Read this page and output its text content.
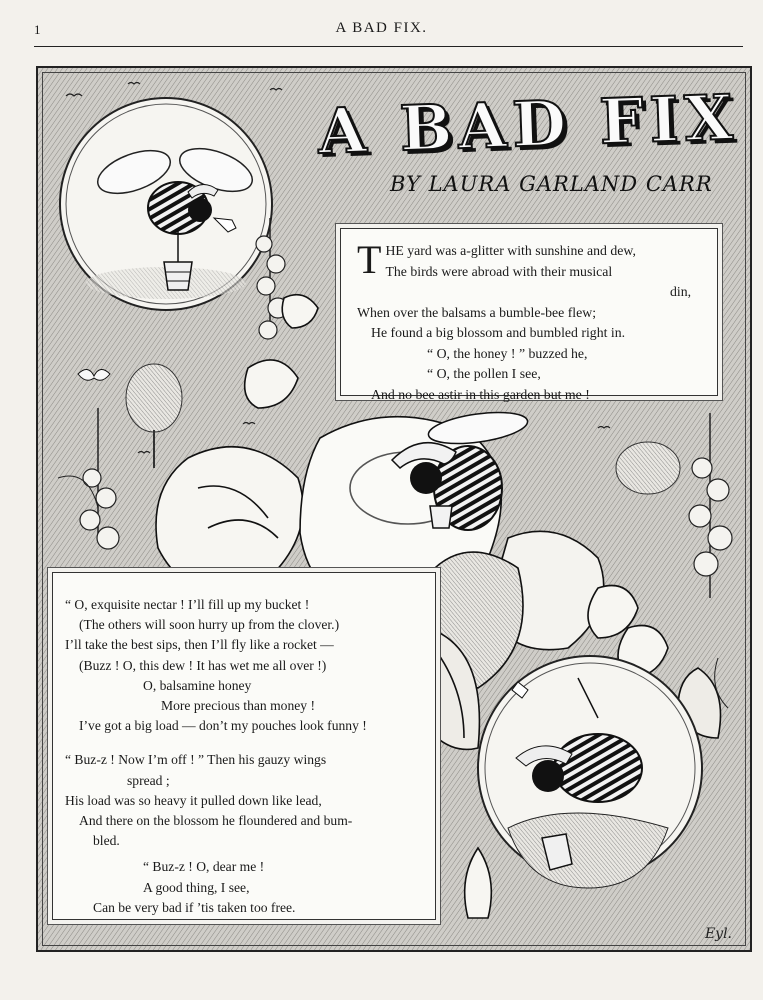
1	A BAD FIX.
A BAD FIX
BY LAURA GARLAND CARR
T HE yard was a-glitter with sunshine and dew,
The birds were abroad with their musical
din,
When over the balsams a bumble-bee flew;
He found a big blossom and bumbled right in.
“ O, the honey ! ” buzzed he,
“ O, the pollen I see,
And no bee astir in this garden but me !
“ O, exquisite nectar ! I’ll fill up my bucket !
(The others will soon hurry up from the clover.)
I’ll take the best sips, then I’ll fly like a rocket —
(Buzz ! O, this dew ! It has wet me all over !)
O, balsamine honey
More precious than money !
I’ve got a big load — don’t my pouches look funny !
“ Buz-z ! Now I’m off ! ” Then his gauzy wings
spread ;
His load was so heavy it pulled down like lead,
And there on the blossom he floundered and bum-
bled.
“ Buz-z ! O, dear me !
A good thing, I see,
Can be very bad if ’tis taken too free.
Eyl.
